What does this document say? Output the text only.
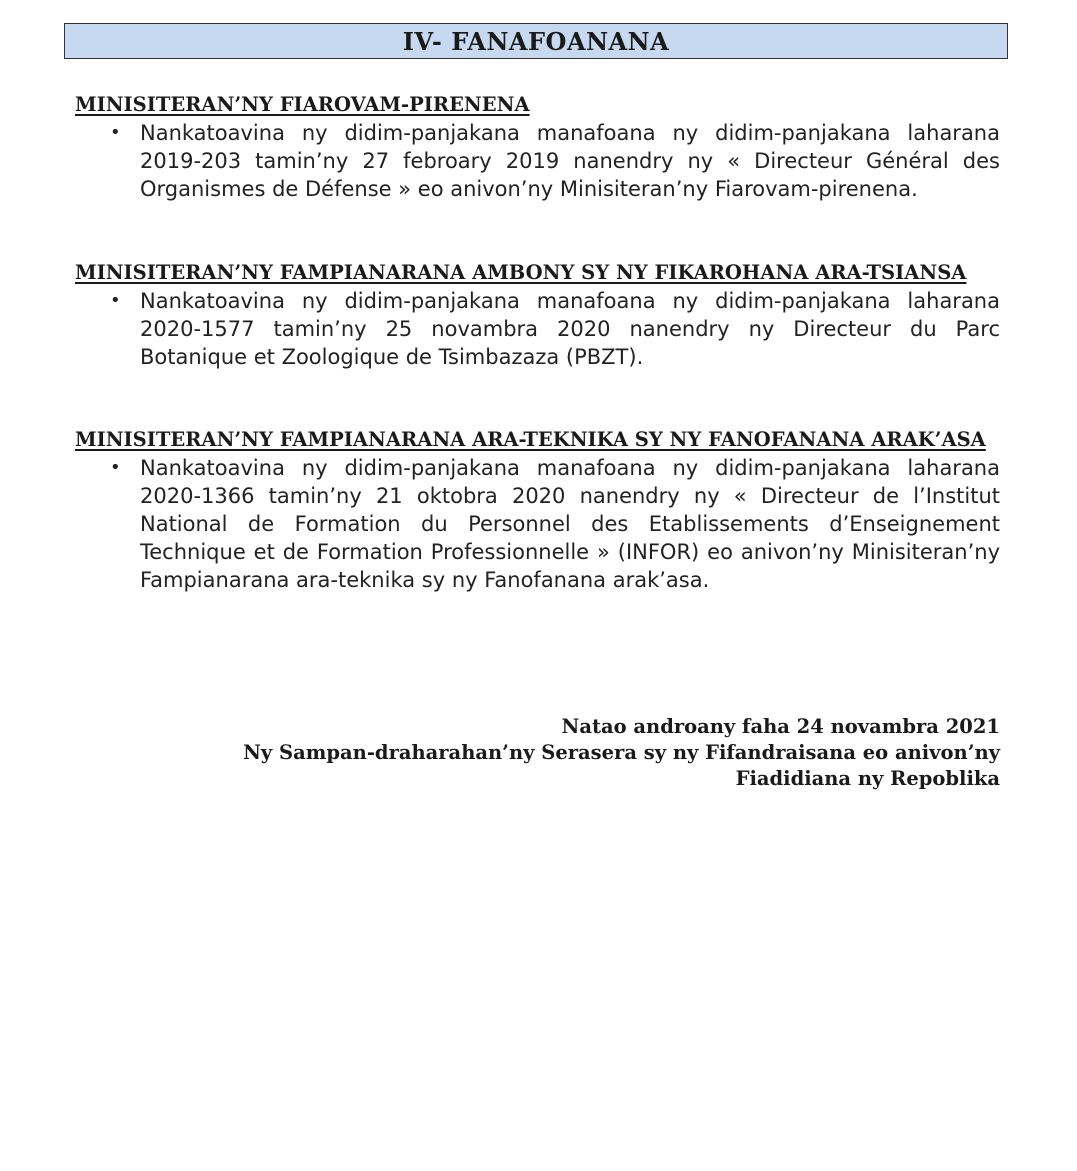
IV- FANAFOANANA

MINISITERAN’NY FIAROVAM-PIRENENA

• Nankatoavina ny didim-panjakana manafoana ny didim-panjakana laharana 2019-203 tamin’ny 27 febroary 2019 nanendry ny « Directeur Général des Organismes de Défense » eo anivon’ny Minisiteran’ny Fiarovam-pirenena.

MINISITERAN’NY FAMPIANARANA AMBONY SY NY FIKAROHANA ARA-TSIANSA

• Nankatoavina ny didim-panjakana manafoana ny didim-panjakana laharana 2020-1577 tamin’ny 25 novambra 2020 nanendry ny Directeur du Parc Botanique et Zoologique de Tsimbazaza (PBZT).

MINISITERAN’NY FAMPIANARANA ARA-TEKNIKA SY NY FANOFANANA ARAK’ASA

• Nankatoavina ny didim-panjakana manafoana ny didim-panjakana laharana 2020-1366 tamin’ny 21 oktobra 2020 nanendry ny « Directeur de l’Institut National de Formation du Personnel des Etablissements d’Enseignement Technique et de Formation Professionnelle » (INFOR) eo anivon’ny Minisiteran’ny Fampianarana ara-teknika sy ny Fanofanana arak’asa.
Natao androany faha 24 novambra 2021
Ny Sampan-draharahan’ny Serasera sy ny Fifandraisana eo anivon’ny
Fiadidiana ny Repoblika
